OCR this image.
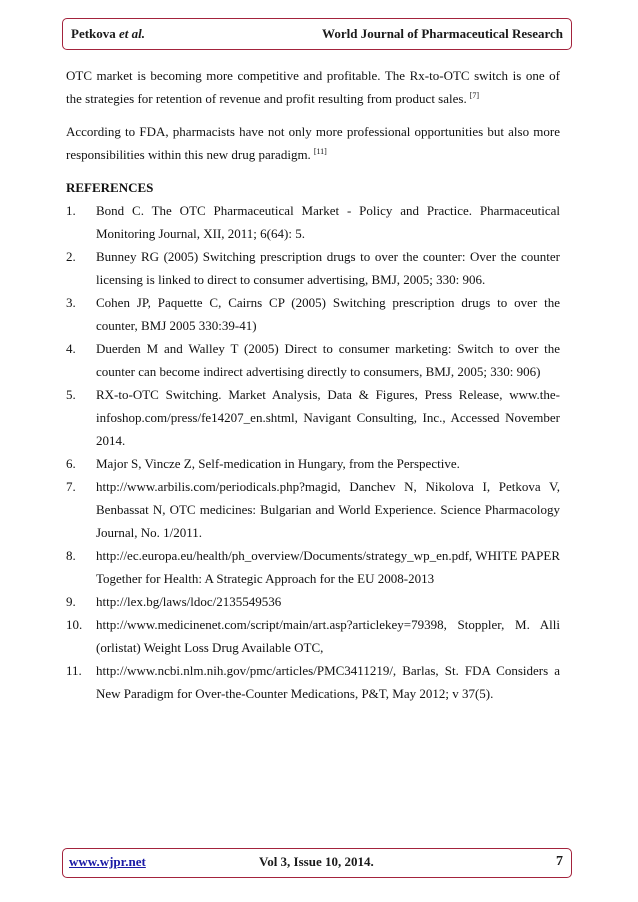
Petkova et al.	World Journal of Pharmaceutical Research

OTC market is becoming more competitive and profitable. The Rx-to-OTC switch is one of the strategies for retention of revenue and profit resulting from product sales. [7]

According to FDA, pharmacists have not only more professional opportunities but also more responsibilities within this new drug paradigm. [11]

REFERENCES
1. Bond C. The OTC Pharmaceutical Market - Policy and Practice. Pharmaceutical Monitoring Journal, XII, 2011; 6(64): 5.
2. Bunney RG (2005) Switching prescription drugs to over the counter: Over the counter licensing is linked to direct to consumer advertising, BMJ, 2005; 330: 906.
3. Cohen JP, Paquette C, Cairns CP (2005) Switching prescription drugs to over the counter, BMJ 2005 330:39-41)
4. Duerden M and Walley T (2005) Direct to consumer marketing: Switch to over the counter can become indirect advertising directly to consumers, BMJ, 2005; 330: 906)
5. RX-to-OTC Switching. Market Analysis, Data & Figures, Press Release, www.the-infoshop.com/press/fe14207_en.shtml, Navigant Consulting, Inc., Accessed November 2014.
6. Major S, Vincze Z, Self-medication in Hungary, from the Perspective.
7. http://www.arbilis.com/periodicals.php?magid, Danchev N, Nikolova I, Petkova V, Benbassat N, OTC medicines: Bulgarian and World Experience. Science Pharmacology Journal, No. 1/2011.
8. http://ec.europa.eu/health/ph_overview/Documents/strategy_wp_en.pdf, WHITE PAPER Together for Health: A Strategic Approach for the EU 2008-2013
9. http://lex.bg/laws/ldoc/2135549536
10. http://www.medicinenet.com/script/main/art.asp?articlekey=79398, Stoppler, M. Alli (orlistat) Weight Loss Drug Available OTC,
11. http://www.ncbi.nlm.nih.gov/pmc/articles/PMC3411219/, Barlas, St. FDA Considers a New Paradigm for Over-the-Counter Medications, P&T, May 2012; v 37(5).
www.wjpr.net	Vol 3, Issue 10, 2014.	7
